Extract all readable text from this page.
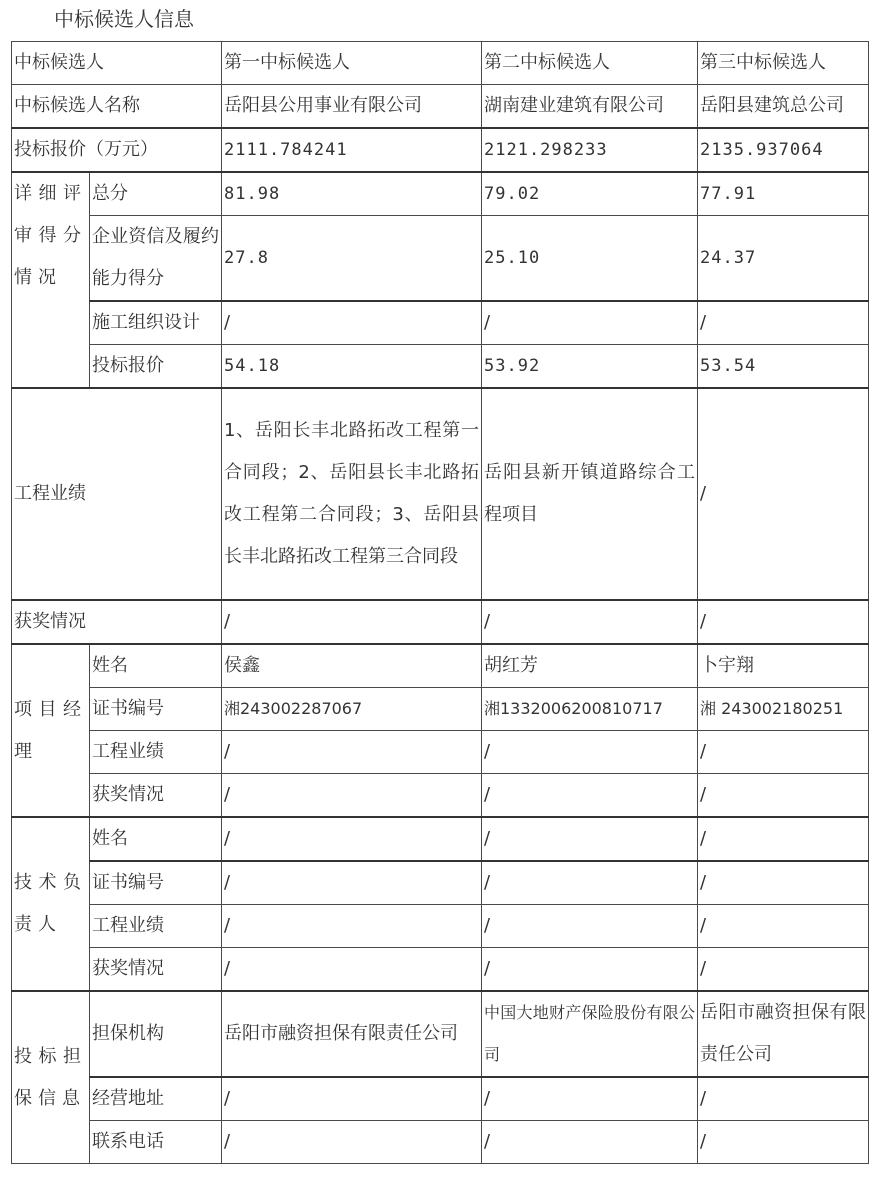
中标候选人信息
中标候选人		第一中标候选人	第二中标候选人	第三中标候选人
中标候选人名称		岳阳县公用事业有限公司	湖南建业建筑有限公司	岳阳县建筑总公司
投标报价（万元）		2111.784241	2121.298233	2135.937064
详细评审得分情况	总分	81.98	79.02	77.91
	企业资信及履约能力得分	27.8	25.10	24.37

	施工组织设计	/	/	/
	投标报价	54.18	53.92	53.54
工程业绩		1、岳阳长丰北路拓改工程第一合同段；2、岳阳县长丰北路拓改工程第二合同段；3、岳阳县长丰北路拓改工程第三合同段	岳阳县新开镇道路综合工程项目	/
获奖情况		/	/	/
项目经理	姓名	侯鑫	胡红芳	卜宇翔
	证书编号	湘243002287067	湘1332006200810717	湘 243002180251
	工程业绩	/	/	/
	获奖情况	/	/	/
技术负责人	姓名	/	/	/
	证书编号	/	/	/
	工程业绩	/	/	/
	获奖情况	/	/	/
投标担保信息	担保机构	岳阳市融资担保有限责任公司	中国大地财产保险股份有限公司	岳阳市融资担保有限责任公司
	经营地址	/	/	/
	联系电话	/	/	/
